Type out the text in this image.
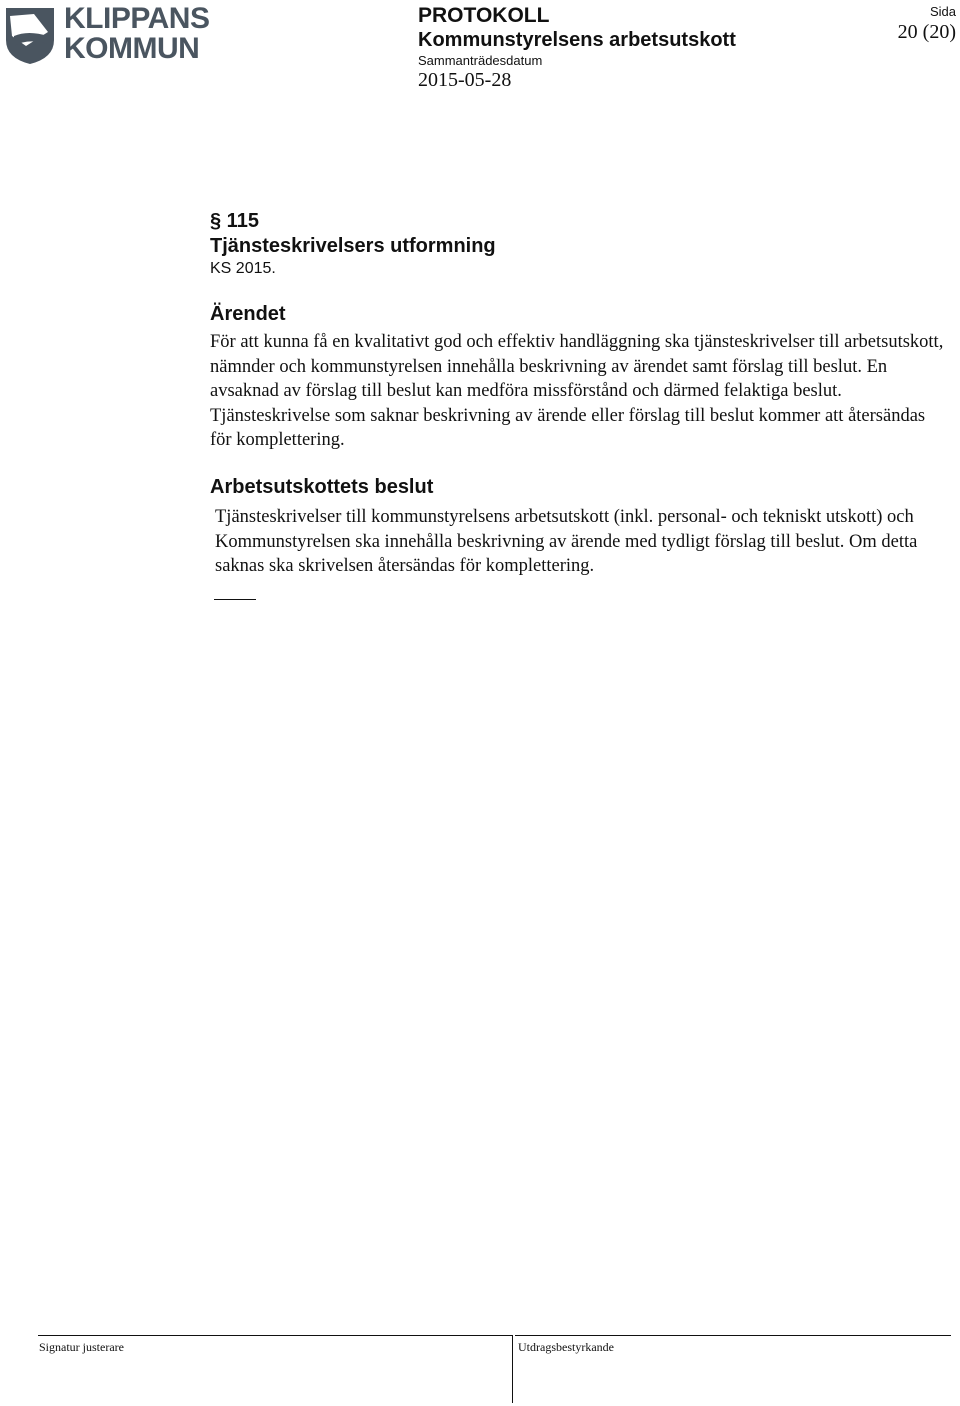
KLIPPANS
KOMMUN
PROTOKOLL
Kommunstyrelsens arbetsutskott
Sammanträdesdatum
2015-05-28
Sida
20 (20)
§ 115
Tjänsteskrivelsers utformning
KS 2015.
Ärendet
För att kunna få en kvalitativt god och effektiv handläggning ska tjänsteskrivelser till arbetsutskott, nämnder och kommunstyrelsen innehålla beskrivning av ärendet samt förslag till beslut. En avsaknad av förslag till beslut kan medföra missförstånd och därmed felaktiga beslut. Tjänsteskrivelse som saknar beskrivning av ärende eller förslag till beslut kommer att återsändas för komplettering.
Arbetsutskottets beslut
Tjänsteskrivelser till kommunstyrelsens arbetsutskott (inkl. personal- och tekniskt utskott) och Kommunstyrelsen ska innehålla beskrivning av ärende med tydligt förslag till beslut. Om detta saknas ska skrivelsen återsändas för komplettering.
Signatur justerare	Utdragsbestyrkande
